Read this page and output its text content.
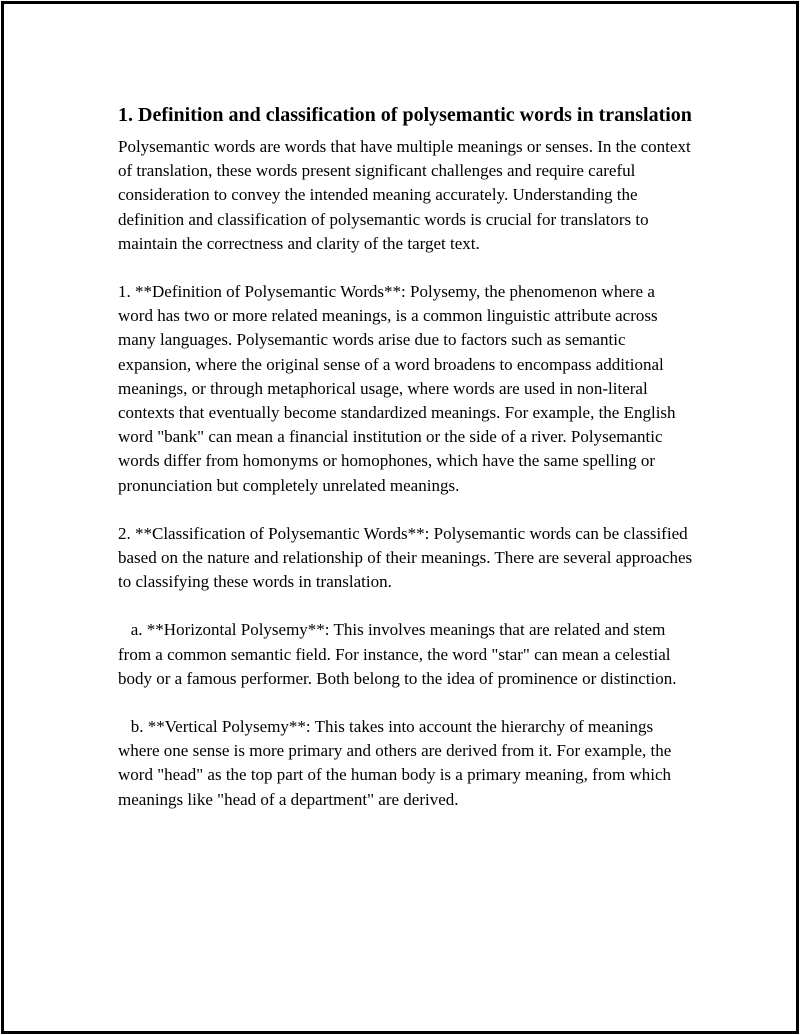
1. Definition and classification of polysemantic words in translation

Polysemantic words are words that have multiple meanings or senses. In the context of translation, these words present significant challenges and require careful consideration to convey the intended meaning accurately. Understanding the definition and classification of polysemantic words is crucial for translators to maintain the correctness and clarity of the target text.

1. **Definition of Polysemantic Words**: Polysemy, the phenomenon where a word has two or more related meanings, is a common linguistic attribute across many languages. Polysemantic words arise due to factors such as semantic expansion, where the original sense of a word broadens to encompass additional meanings, or through metaphorical usage, where words are used in non-literal contexts that eventually become standardized meanings. For example, the English word "bank" can mean a financial institution or the side of a river. Polysemantic words differ from homonyms or homophones, which have the same spelling or pronunciation but completely unrelated meanings.

2. **Classification of Polysemantic Words**: Polysemantic words can be classified based on the nature and relationship of their meanings. There are several approaches to classifying these words in translation.

a. **Horizontal Polysemy**: This involves meanings that are related and stem from a common semantic field. For instance, the word "star" can mean a celestial body or a famous performer. Both belong to the idea of prominence or distinction.

b. **Vertical Polysemy**: This takes into account the hierarchy of meanings where one sense is more primary and others are derived from it. For example, the word "head" as the top part of the human body is a primary meaning, from which meanings like "head of a department" are derived.
